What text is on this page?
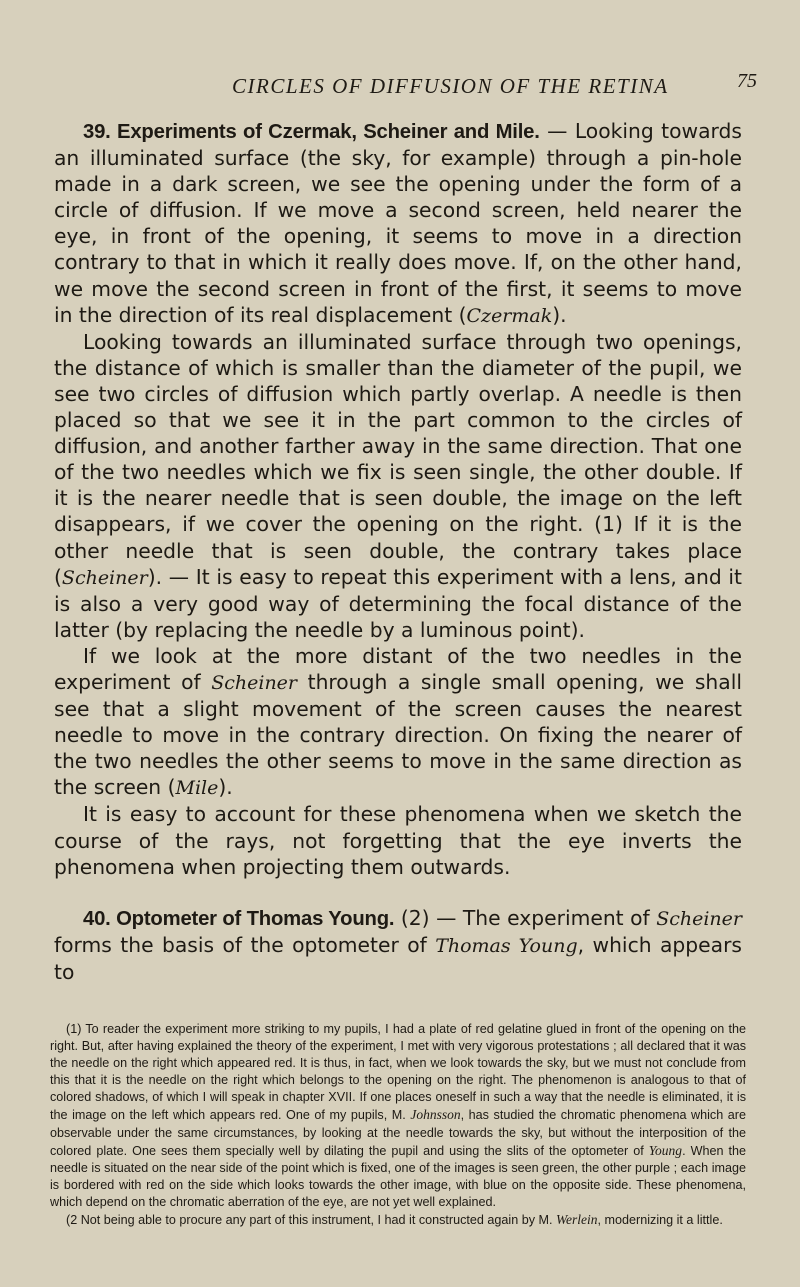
CIRCLES OF DIFFUSION OF THE RETINA	75

39. Experiments of Czermak, Scheiner and Mile. — Looking towards an illuminated surface (the sky, for example) through a pin-hole made in a dark screen, we see the opening under the form of a circle of diffusion. If we move a second screen, held nearer the eye, in front of the opening, it seems to move in a direction contrary to that in which it really does move. If, on the other hand, we move the second screen in front of the first, it seems to move in the direction of its real displacement (Czermak).

Looking towards an illuminated surface through two openings, the distance of which is smaller than the diameter of the pupil, we see two circles of diffusion which partly overlap. A needle is then placed so that we see it in the part common to the circles of diffusion, and another farther away in the same direction. That one of the two needles which we fix is seen single, the other double. If it is the nearer needle that is seen double, the image on the left disappears, if we cover the opening on the right. (1) If it is the other needle that is seen double, the contrary takes place (Scheiner). — It is easy to repeat this experiment with a lens, and it is also a very good way of determining the focal distance of the latter (by replacing the needle by a luminous point).

If we look at the more distant of the two needles in the experiment of Scheiner through a single small opening, we shall see that a slight movement of the screen causes the nearest needle to move in the contrary direction. On fixing the nearer of the two needles the other seems to move in the same direction as the screen (Mile).

It is easy to account for these phenomena when we sketch the course of the rays, not forgetting that the eye inverts the phenomena when projecting them outwards.

40. Optometer of Thomas Young. (2) — The experiment of Scheiner forms the basis of the optometer of Thomas Young, which appears to

(1) To reader the experiment more striking to my pupils, I had a plate of red gelatine glued in front of the opening on the right. But, after having explained the theory of the experiment, I met with very vigorous protestations ; all declared that it was the needle on the right which appeared red. It is thus, in fact, when we look towards the sky, but we must not conclude from this that it is the needle on the right which belongs to the opening on the right. The phenomenon is analogous to that of colored shadows, of which I will speak in chapter XVII. If one places oneself in such a way that the needle is eliminated, it is the image on the left which appears red. One of my pupils, M. Johnsson, has studied the chromatic phenomena which are observable under the same circumstances, by looking at the needle towards the sky, but without the interposition of the colored plate. One sees them specially well by dilating the pupil and using the slits of the optometer of Young. When the needle is situated on the near side of the point which is fixed, one of the images is seen green, the other purple ; each image is bordered with red on the side which looks towards the other image, with blue on the opposite side. These phenomena, which depend on the chromatic aberration of the eye, are not yet well explained.

(2 Not being able to procure any part of this instrument, I had it constructed again by M. Werlein, modernizing it a little.
